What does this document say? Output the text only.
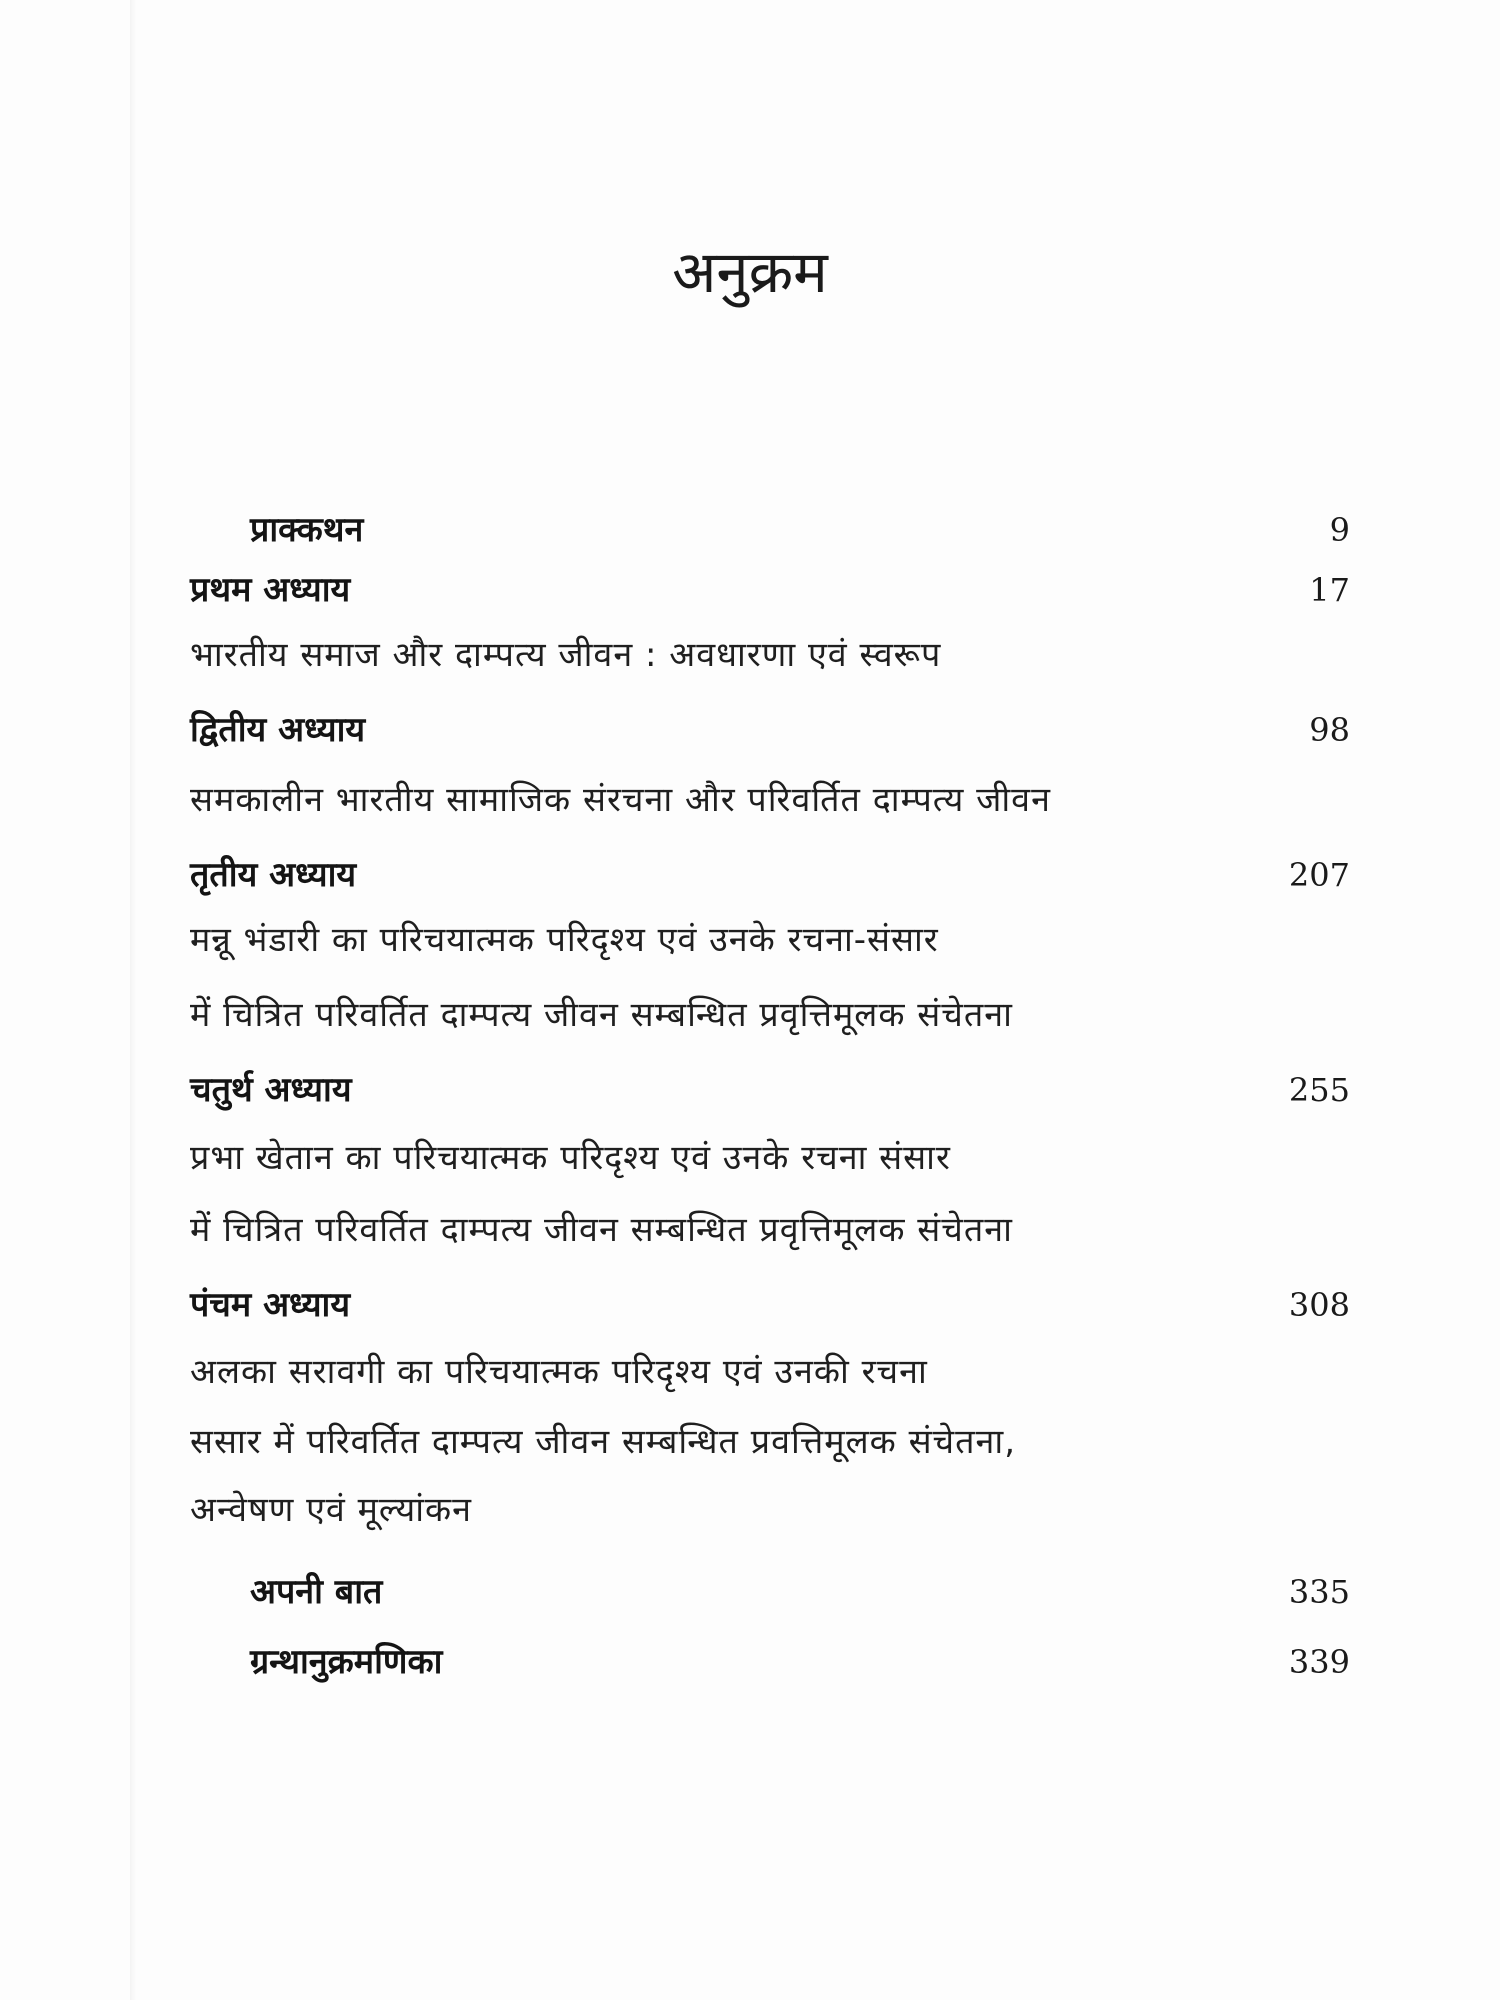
अनुक्रम
प्राक्कथन	9
प्रथम अध्याय	17
भारतीय समाज और दाम्पत्य जीवन : अवधारणा एवं स्वरूप
द्वितीय अध्याय	98
समकालीन भारतीय सामाजिक संरचना और परिवर्तित दाम्पत्य जीवन
तृतीय अध्याय	207
मन्नू भंडारी का परिचयात्मक परिदृश्य एवं उनके रचना-संसार
में चित्रित परिवर्तित दाम्पत्य जीवन सम्बन्धित प्रवृत्तिमूलक संचेतना
चतुर्थ अध्याय	255
प्रभा खेतान का परिचयात्मक परिदृश्य एवं उनके रचना संसार
में चित्रित परिवर्तित दाम्पत्य जीवन सम्बन्धित प्रवृत्तिमूलक संचेतना
पंचम अध्याय	308
अलका सरावगी का परिचयात्मक परिदृश्य एवं उनकी रचना
ससार में परिवर्तित दाम्पत्य जीवन सम्बन्धित प्रवत्तिमूलक संचेतना,
अन्वेषण एवं मूल्यांकन
अपनी बात	335
ग्रन्थानुक्रमणिका	339
